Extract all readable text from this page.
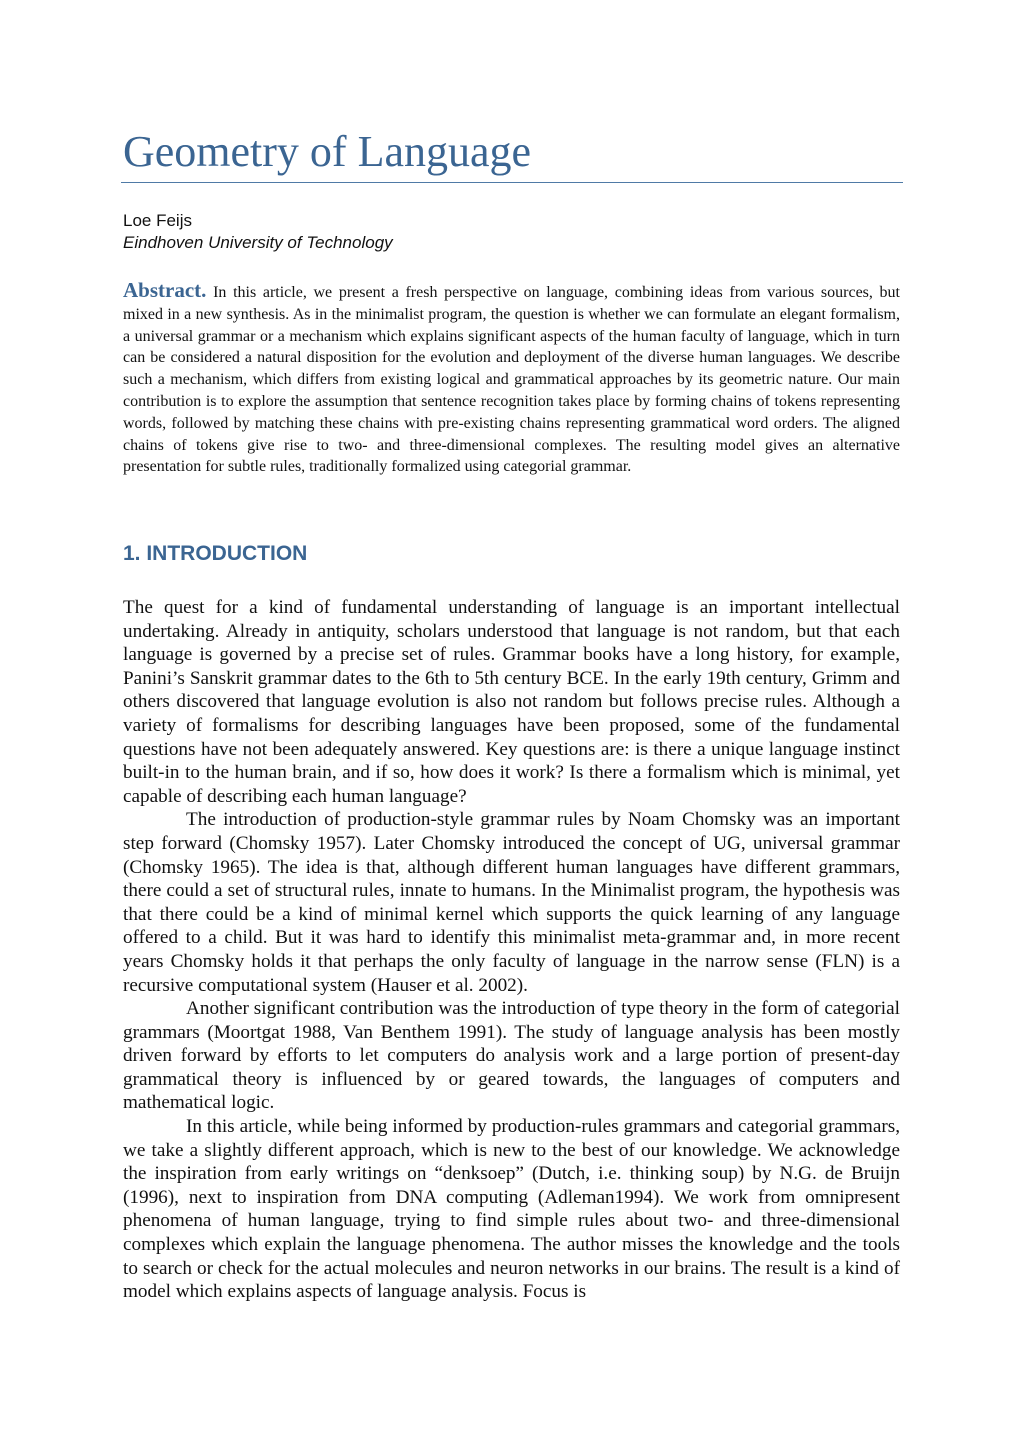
Geometry of Language
Loe Feijs
Eindhoven University of Technology

Abstract. In this article, we present a fresh perspective on language, combining ideas from various sources, but mixed in a new synthesis. As in the minimalist program, the question is whether we can formulate an elegant formalism, a universal grammar or a mechanism which explains significant aspects of the human faculty of language, which in turn can be considered a natural disposition for the evolution and deployment of the diverse human languages. We describe such a mechanism, which differs from existing logical and grammatical approaches by its geometric nature. Our main contribution is to explore the assumption that sentence recognition takes place by forming chains of tokens representing words, followed by matching these chains with pre-existing chains representing grammatical word orders. The aligned chains of tokens give rise to two- and three-dimensional complexes. The resulting model gives an alternative presentation for subtle rules, traditionally formalized using categorial grammar.

1. INTRODUCTION

The quest for a kind of fundamental understanding of language is an important intellectual undertaking. Already in antiquity, scholars understood that language is not random, but that each language is governed by a precise set of rules. Grammar books have a long history, for example, Panini’s Sanskrit grammar dates to the 6th to 5th century BCE. In the early 19th century, Grimm and others discovered that language evolution is also not random but follows precise rules. Although a variety of formalisms for describing languages have been proposed, some of the fundamental questions have not been adequately answered. Key questions are: is there a unique language instinct built-in to the human brain, and if so, how does it work? Is there a formalism which is minimal, yet capable of describing each human language?

The introduction of production-style grammar rules by Noam Chomsky was an important step forward (Chomsky 1957). Later Chomsky introduced the concept of UG, universal grammar (Chomsky 1965). The idea is that, although different human languages have different grammars, there could a set of structural rules, innate to humans. In the Minimalist program, the hypothesis was that there could be a kind of minimal kernel which supports the quick learning of any language offered to a child. But it was hard to identify this minimalist meta-grammar and, in more recent years Chomsky holds it that perhaps the only faculty of language in the narrow sense (FLN) is a recursive computational system (Hauser et al. 2002).

Another significant contribution was the introduction of type theory in the form of categorial grammars (Moortgat 1988, Van Benthem 1991). The study of language analysis has been mostly driven forward by efforts to let computers do analysis work and a large portion of present-day grammatical theory is influenced by or geared towards, the languages of computers and mathematical logic.

In this article, while being informed by production-rules grammars and categorial grammars, we take a slightly different approach, which is new to the best of our knowledge. We acknowledge the inspiration from early writings on “denksoep” (Dutch, i.e. thinking soup) by N.G. de Bruijn (1996), next to inspiration from DNA computing (Adleman1994). We work from omnipresent phenomena of human language, trying to find simple rules about two- and three-dimensional complexes which explain the language phenomena. The author misses the knowledge and the tools to search or check for the actual molecules and neuron networks in our brains. The result is a kind of model which explains aspects of language analysis. Focus is
